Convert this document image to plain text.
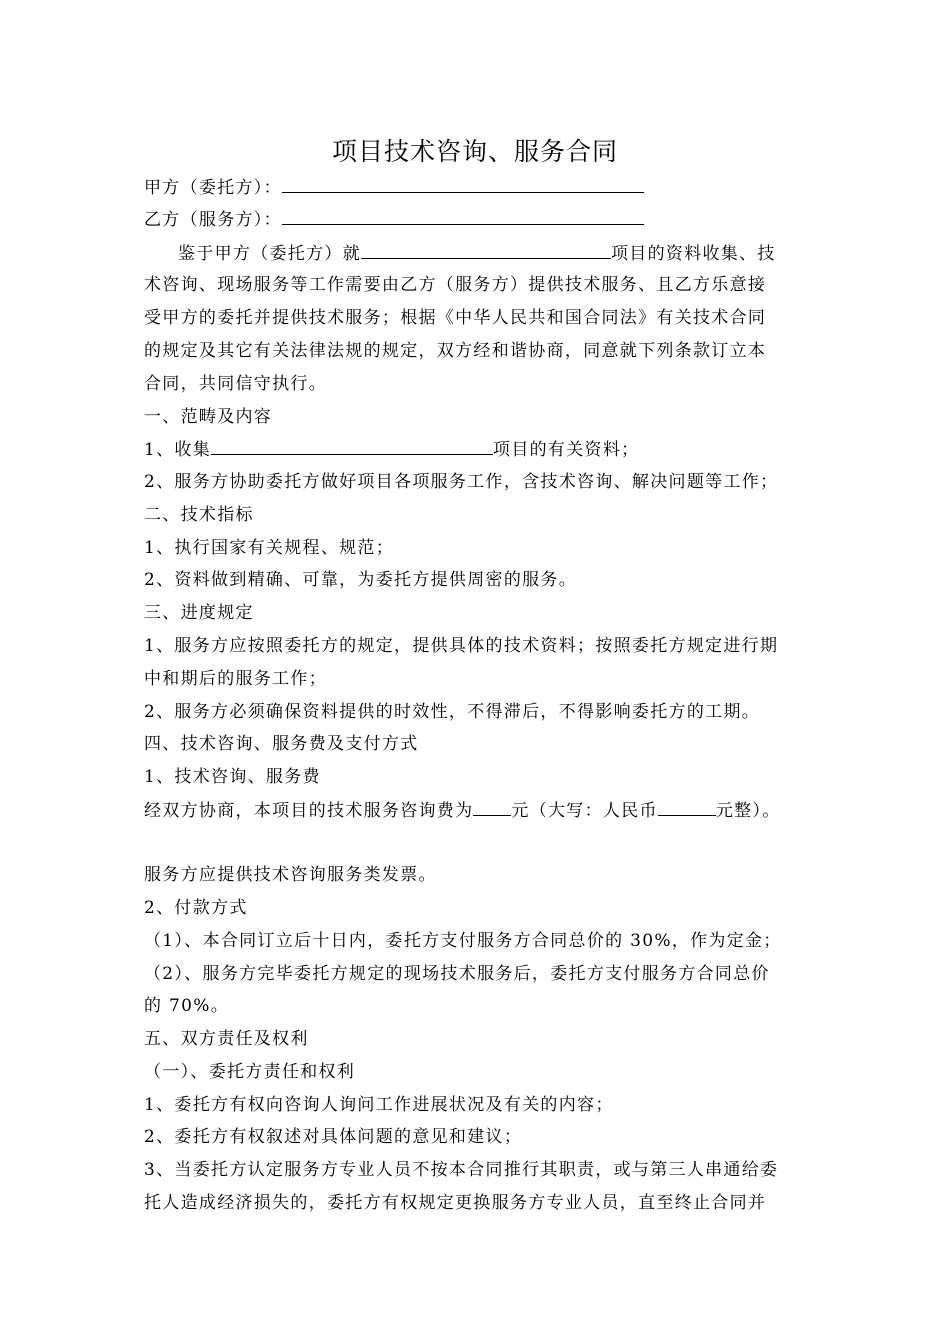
项目技术咨询、服务合同
甲方（委托方）：
乙方（服务方）：
鉴于甲方（委托方）就	项目的资料收集、技
术咨询、现场服务等工作需要由乙方（服务方）提供技术服务、且乙方乐意接
受甲方的委托并提供技术服务；根据《中华人民共和国合同法》有关技术合同
的规定及其它有关法律法规的规定，双方经和谐协商，同意就下列条款订立本
合同，共同信守执行。
一、范畴及内容
1、收集	项目的有关资料；
2、服务方协助委托方做好项目各项服务工作，含技术咨询、解决问题等工作；
二、技术指标
1、执行国家有关规程、规范；
2、资料做到精确、可靠，为委托方提供周密的服务。
三、进度规定
1、服务方应按照委托方的规定，提供具体的技术资料；按照委托方规定进行期
中和期后的服务工作；
2、服务方必须确保资料提供的时效性，不得滞后，不得影响委托方的工期。
四、技术咨询、服务费及支付方式
1、技术咨询、服务费
经双方协商，本项目的技术服务咨询费为 元（大写：人民币	元整）。
服务方应提供技术咨询服务类发票。
2、付款方式
（1）、本合同订立后十日内，委托方支付服务方合同总价的 30%，作为定金；
（2）、服务方完毕委托方规定的现场技术服务后，委托方支付服务方合同总价
的 70%。
五、双方责任及权利
（一）、委托方责任和权利
1、委托方有权向咨询人询问工作进展状况及有关的内容；
2、委托方有权叙述对具体问题的意见和建议；
3、当委托方认定服务方专业人员不按本合同推行其职责，或与第三人串通给委
托人造成经济损失的，委托方有权规定更换服务方专业人员，直至终止合同并
